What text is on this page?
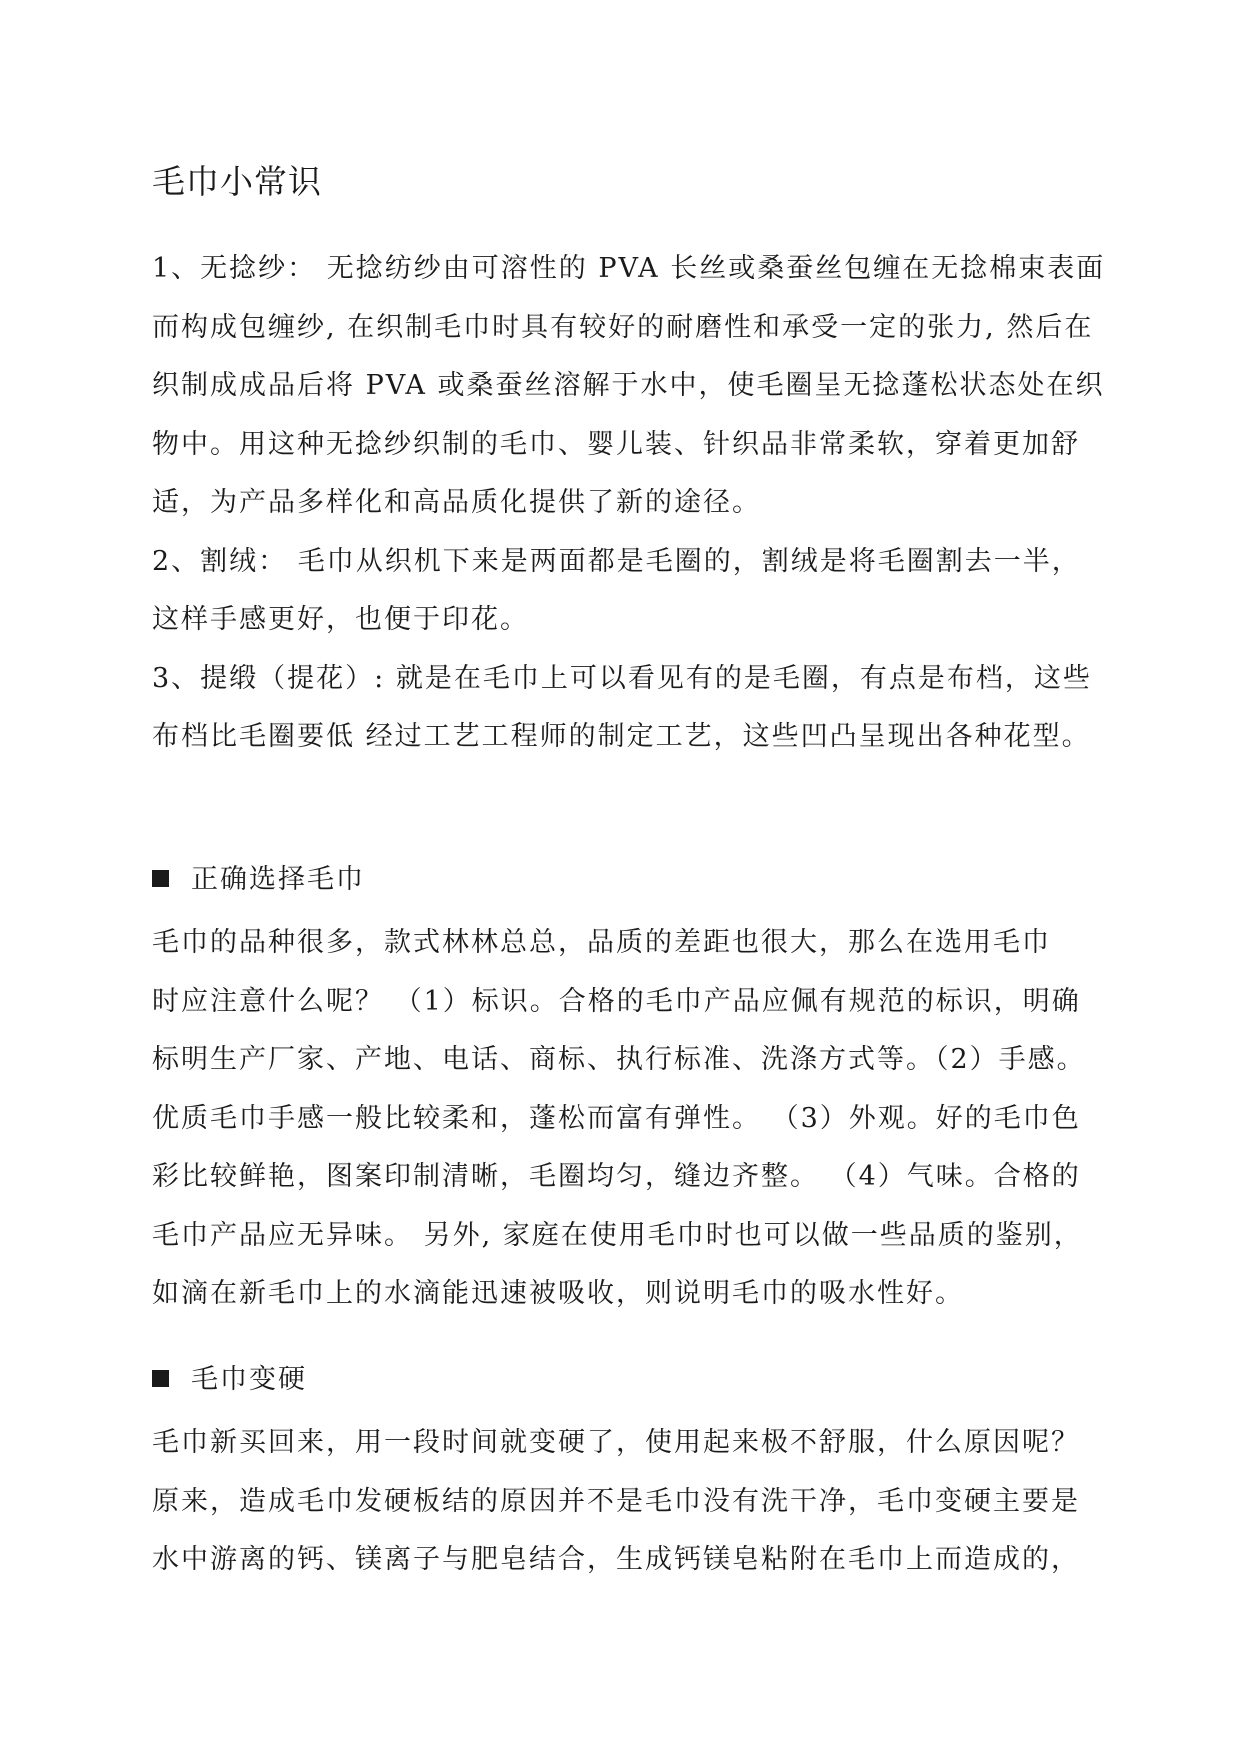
毛巾小常识
1、无捻纱： 无捻纺纱由可溶性的 PVA 长丝或桑蚕丝包缠在无捻棉束表面
而构成包缠纱, 在织制毛巾时具有较好的耐磨性和承受一定的张力, 然后在
织制成成品后将 PVA 或桑蚕丝溶解于水中，使毛圈呈无捻蓬松状态处在织
物中。用这种无捻纱织制的毛巾、婴儿装、针织品非常柔软，穿着更加舒
适，为产品多样化和高品质化提供了新的途径。
2、割绒： 毛巾从织机下来是两面都是毛圈的，割绒是将毛圈割去一半，
这样手感更好，也便于印花。
3、提缎（提花）: 就是在毛巾上可以看见有的是毛圈，有点是布档，这些
布档比毛圈要低 经过工艺工程师的制定工艺，这些凹凸呈现出各种花型。
正确选择毛巾
毛巾的品种很多，款式林林总总，品质的差距也很大，那么在选用毛巾
时应注意什么呢？ （1）标识。合格的毛巾产品应佩有规范的标识，明确
标明生产厂家、产地、电话、商标、执行标准、洗涤方式等。（2）手感。
优质毛巾手感一般比较柔和，蓬松而富有弹性。 （3）外观。好的毛巾色
彩比较鲜艳，图案印制清晰，毛圈均匀，缝边齐整。 （4）气味。合格的
毛巾产品应无异味。 另外, 家庭在使用毛巾时也可以做一些品质的鉴别，
如滴在新毛巾上的水滴能迅速被吸收，则说明毛巾的吸水性好。
毛巾变硬
毛巾新买回来，用一段时间就变硬了，使用起来极不舒服，什么原因呢？
原来，造成毛巾发硬板结的原因并不是毛巾没有洗干净，毛巾变硬主要是
水中游离的钙、镁离子与肥皂结合，生成钙镁皂粘附在毛巾上而造成的，
